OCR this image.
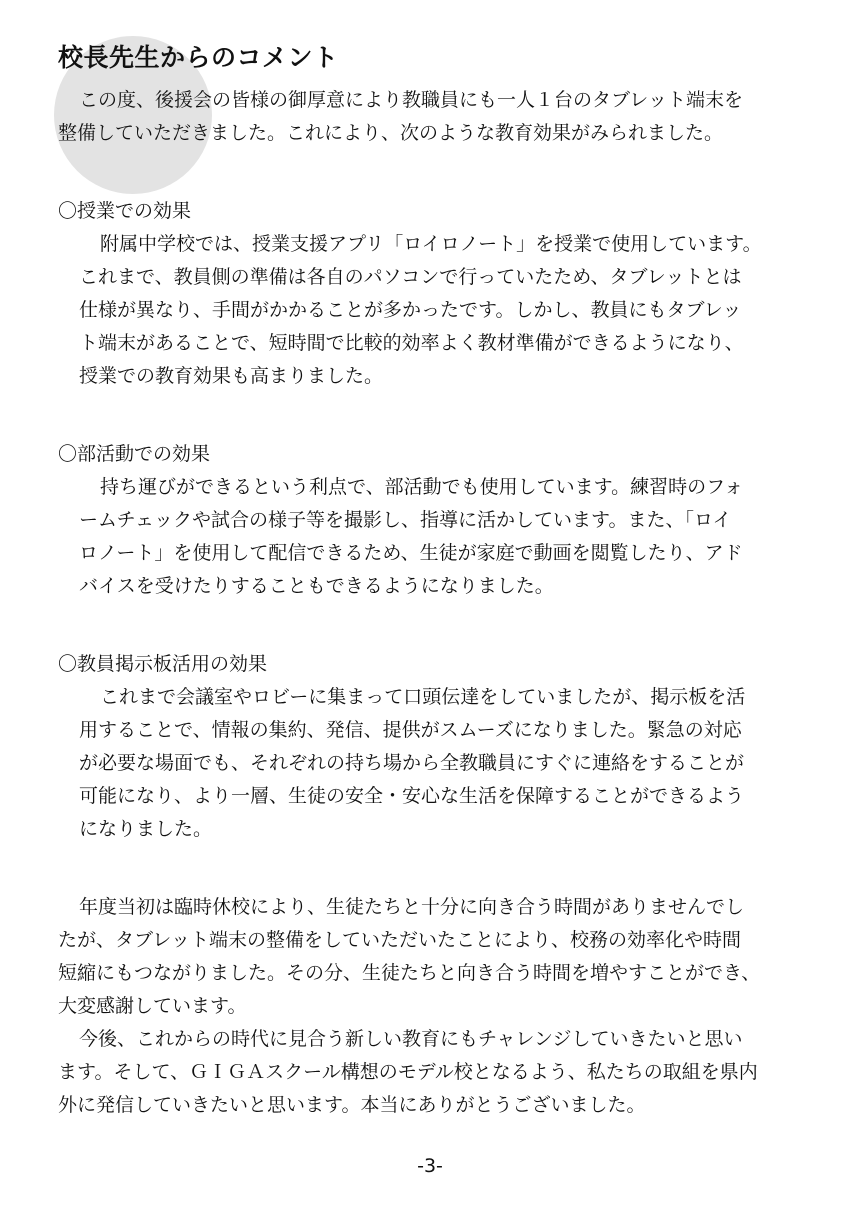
校長先生からのコメント
この度、後援会の皆様の御厚意により教職員にも一人１台のタブレット端末を
整備していただきました。これにより、次のような教育効果がみられました。
〇授業での効果
附属中学校では、授業支援アプリ「ロイロノート」を授業で使用しています。
これまで、教員側の準備は各自のパソコンで行っていたため、タブレットとは
仕様が異なり、手間がかかることが多かったです。しかし、教員にもタブレッ
ト端末があることで、短時間で比較的効率よく教材準備ができるようになり、
授業での教育効果も高まりました。
〇部活動での効果
持ち運びができるという利点で、部活動でも使用しています。練習時のフォ
ームチェックや試合の様子等を撮影し、指導に活かしています。また、「ロイ
ロノート」を使用して配信できるため、生徒が家庭で動画を閲覧したり、アド
バイスを受けたりすることもできるようになりました。
〇教員掲示板活用の効果
これまで会議室やロビーに集まって口頭伝達をしていましたが、掲示板を活
用することで、情報の集約、発信、提供がスムーズになりました。緊急の対応
が必要な場面でも、それぞれの持ち場から全教職員にすぐに連絡をすることが
可能になり、より一層、生徒の安全・安心な生活を保障することができるよう
になりました。
年度当初は臨時休校により、生徒たちと十分に向き合う時間がありませんでし
たが、タブレット端末の整備をしていただいたことにより、校務の効率化や時間
短縮にもつながりました。その分、生徒たちと向き合う時間を増やすことができ、
大変感謝しています。
今後、これからの時代に見合う新しい教育にもチャレンジしていきたいと思い
ます。そして、ＧＩＧＡスクール構想のモデル校となるよう、私たちの取組を県内
外に発信していきたいと思います。本当にありがとうございました。
-3-
